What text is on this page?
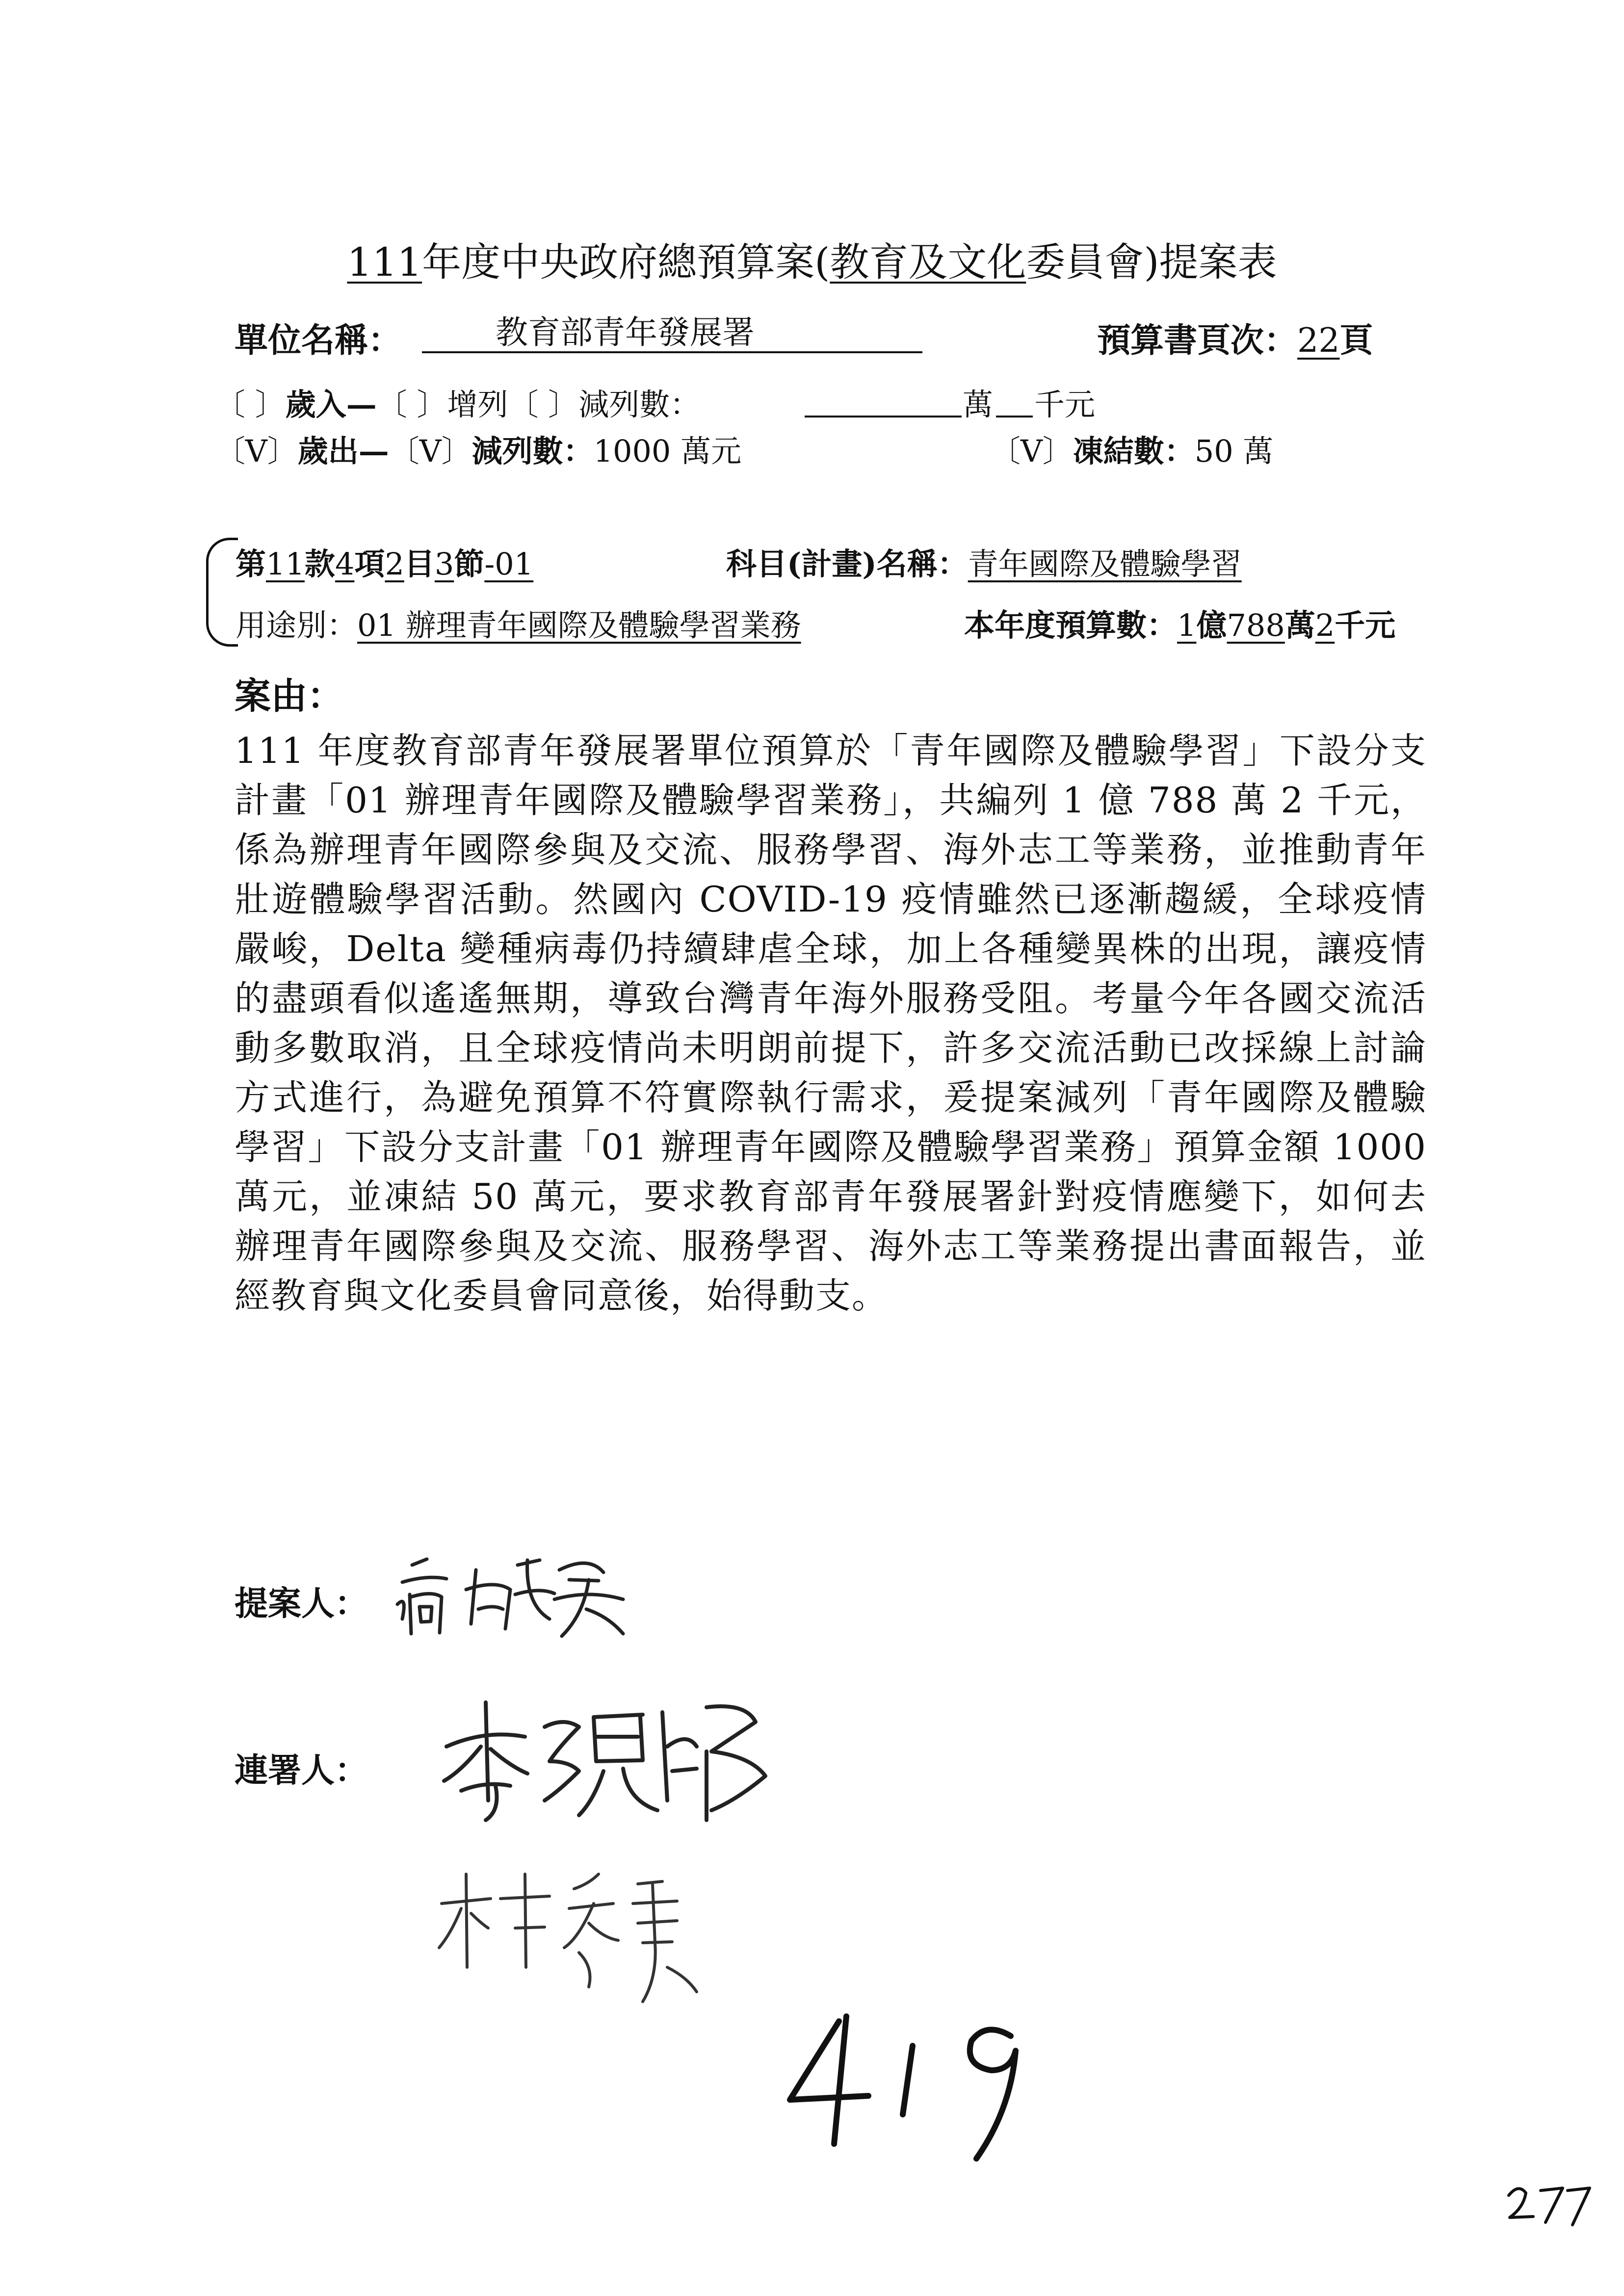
111年度中央政府總預算案(教育及文化委員會)提案表
單位名稱：	教育部青年發展署	預算書頁次：22頁
〔 〕歲入—〔 〕增列〔 〕減列數：	萬 千元
〔V〕歲出—〔V〕減列數：1000 萬元	〔V〕凍結數：50 萬
第11款4項2目3節-01	科目(計畫)名稱：青年國際及體驗學習
用途別：01 辦理青年國際及體驗學習業務	本年度預算數：1億788萬2千元
案由：
111 年度教育部青年發展署單位預算於「青年國際及體驗學習」下設分支計畫「01 辦理青年國際及體驗學習業務」，共編列 1 億 788 萬 2 千元，係為辦理青年國際參與及交流、服務學習、海外志工等業務，並推動青年壯遊體驗學習活動。然國內 COVID-19 疫情雖然已逐漸趨緩，全球疫情嚴峻，Delta 變種病毒仍持續肆虐全球，加上各種變異株的出現，讓疫情的盡頭看似遙遙無期，導致台灣青年海外服務受阻。考量今年各國交流活動多數取消，且全球疫情尚未明朗前提下，許多交流活動已改採線上討論方式進行，為避免預算不符實際執行需求，爰提案減列「青年國際及體驗學習」下設分支計畫「01 辦理青年國際及體驗學習業務」預算金額 1000 萬元，並凍結 50 萬元，要求教育部青年發展署針對疫情應變下，如何去辦理青年國際參與及交流、服務學習、海外志工等業務提出書面報告，並經教育與文化委員會同意後，始得動支。
提案人：
連署人：
